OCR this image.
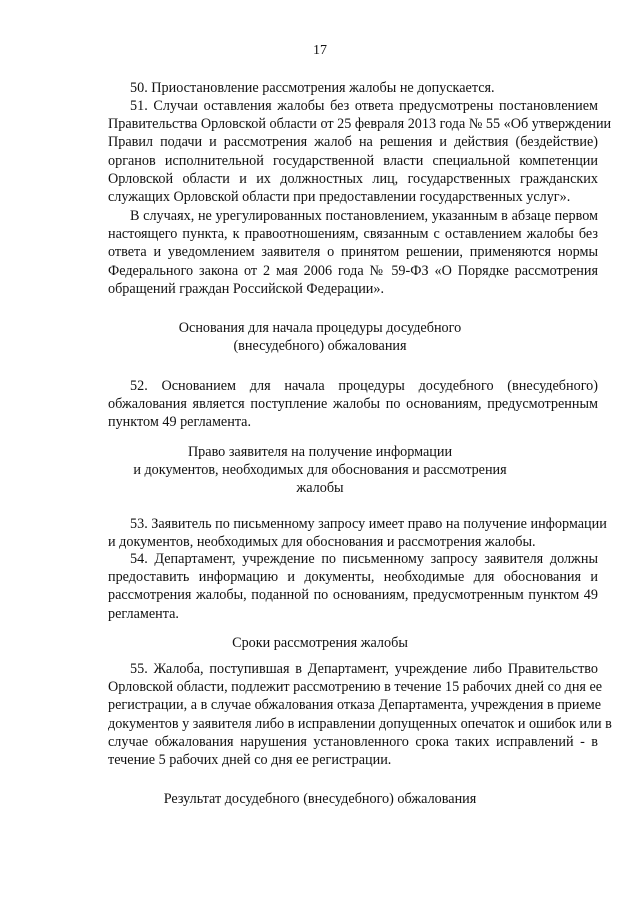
17
50. Приостановление рассмотрения жалобы не допускается.
51. Случаи оставления жалобы без ответа предусмотрены постановлением
Правительства Орловской области от 25 февраля 2013 года № 55 «Об утверждении
Правил подачи и рассмотрения жалоб на решения и действия (бездействие)
органов исполнительной государственной власти специальной компетенции
Орловской области и их должностных лиц, государственных гражданских
служащих Орловской области при предоставлении государственных услуг».
В случаях, не урегулированных постановлением, указанным в абзаце первом
настоящего пункта, к правоотношениям, связанным с оставлением жалобы без
ответа и уведомлением заявителя о принятом решении, применяются нормы
Федерального закона от 2 мая 2006 года № 59-ФЗ «О Порядке рассмотрения
обращений граждан Российской Федерации».
Основания для начала процедуры досудебного
(внесудебного) обжалования
52. Основанием для начала процедуры досудебного (внесудебного)
обжалования является поступление жалобы по основаниям, предусмотренным
пунктом 49 регламента.
Право заявителя на получение информации
и документов, необходимых для обоснования и рассмотрения
жалобы
53. Заявитель по письменному запросу имеет право на получение информации
и документов, необходимых для обоснования и рассмотрения жалобы.
54. Департамент, учреждение по письменному запросу заявителя должны
предоставить информацию и документы, необходимые для обоснования и
рассмотрения жалобы, поданной по основаниям, предусмотренным пунктом 49
регламента.
Сроки рассмотрения жалобы
55. Жалоба, поступившая в Департамент, учреждение либо Правительство
Орловской области, подлежит рассмотрению в течение 15 рабочих дней со дня ее
регистрации, а в случае обжалования отказа Департамента, учреждения в приеме
документов у заявителя либо в исправлении допущенных опечаток и ошибок или в
случае обжалования нарушения установленного срока таких исправлений - в
течение 5 рабочих дней со дня ее регистрации.
Результат досудебного (внесудебного) обжалования
